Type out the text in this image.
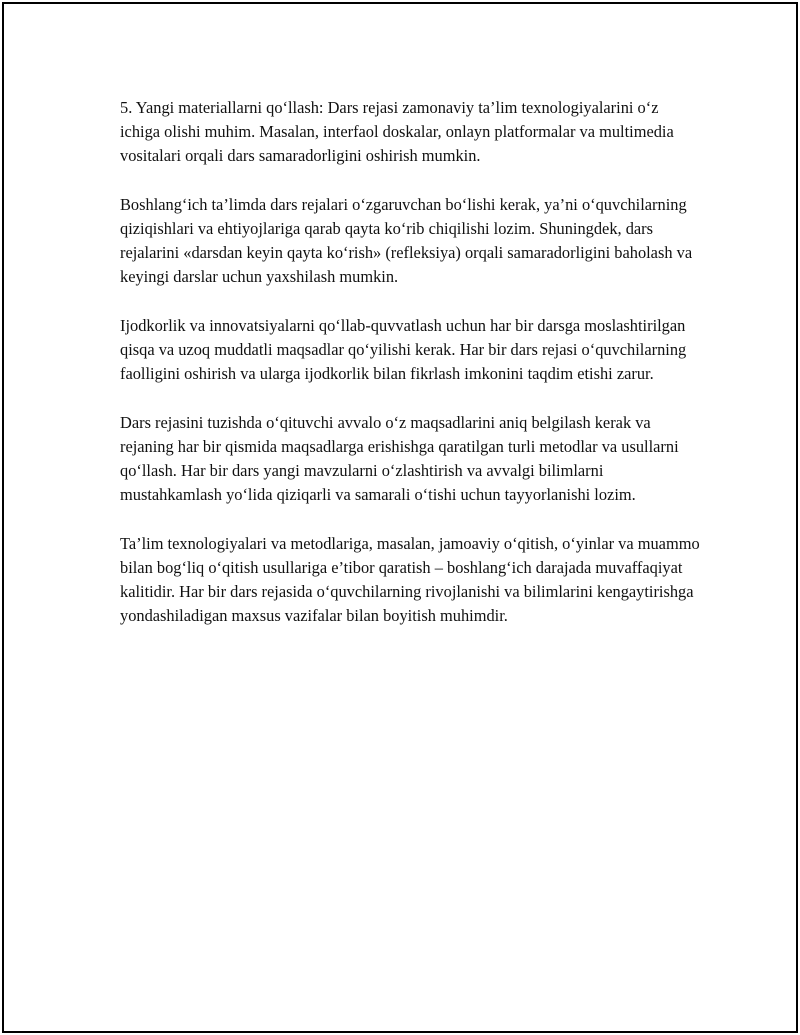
5. Yangi materiallarni qo‘llash: Dars rejasi zamonaviy ta’lim texnologiyalarini o‘z ichiga olishi muhim. Masalan, interfaol doskalar, onlayn platformalar va multimedia vositalari orqali dars samaradorligini oshirish mumkin.

Boshlang‘ich ta’limda dars rejalari o‘zgaruvchan bo‘lishi kerak, ya’ni o‘quvchilarning qiziqishlari va ehtiyojlariga qarab qayta ko‘rib chiqilishi lozim. Shuningdek, dars rejalarini «darsdan keyin qayta ko‘rish» (refleksiya) orqali samaradorligini baholash va keyingi darslar uchun yaxshilash mumkin.

Ijodkorlik va innovatsiyalarni qo‘llab-quvvatlash uchun har bir darsga moslashtirilgan qisqa va uzoq muddatli maqsadlar qo‘yilishi kerak. Har bir dars rejasi o‘quvchilarning faolligini oshirish va ularga ijodkorlik bilan fikrlash imkonini taqdim etishi zarur.

Dars rejasini tuzishda o‘qituvchi avvalo o‘z maqsadlarini aniq belgilash kerak va rejaning har bir qismida maqsadlarga erishishga qaratilgan turli metodlar va usullarni qo‘llash. Har bir dars yangi mavzularni o‘zlashtirish va avvalgi bilimlarni mustahkamlash yo‘lida qiziqarli va samarali o‘tishi uchun tayyorlanishi lozim.

Ta’lim texnologiyalari va metodlariga, masalan, jamoaviy o‘qitish, o‘yinlar va muammo bilan bog‘liq o‘qitish usullariga e’tibor qaratish – boshlang‘ich darajada muvaffaqiyat kalitidir. Har bir dars rejasida o‘quvchilarning rivojlanishi va bilimlarini kengaytirishga yondashiladigan maxsus vazifalar bilan boyitish muhimdir.
